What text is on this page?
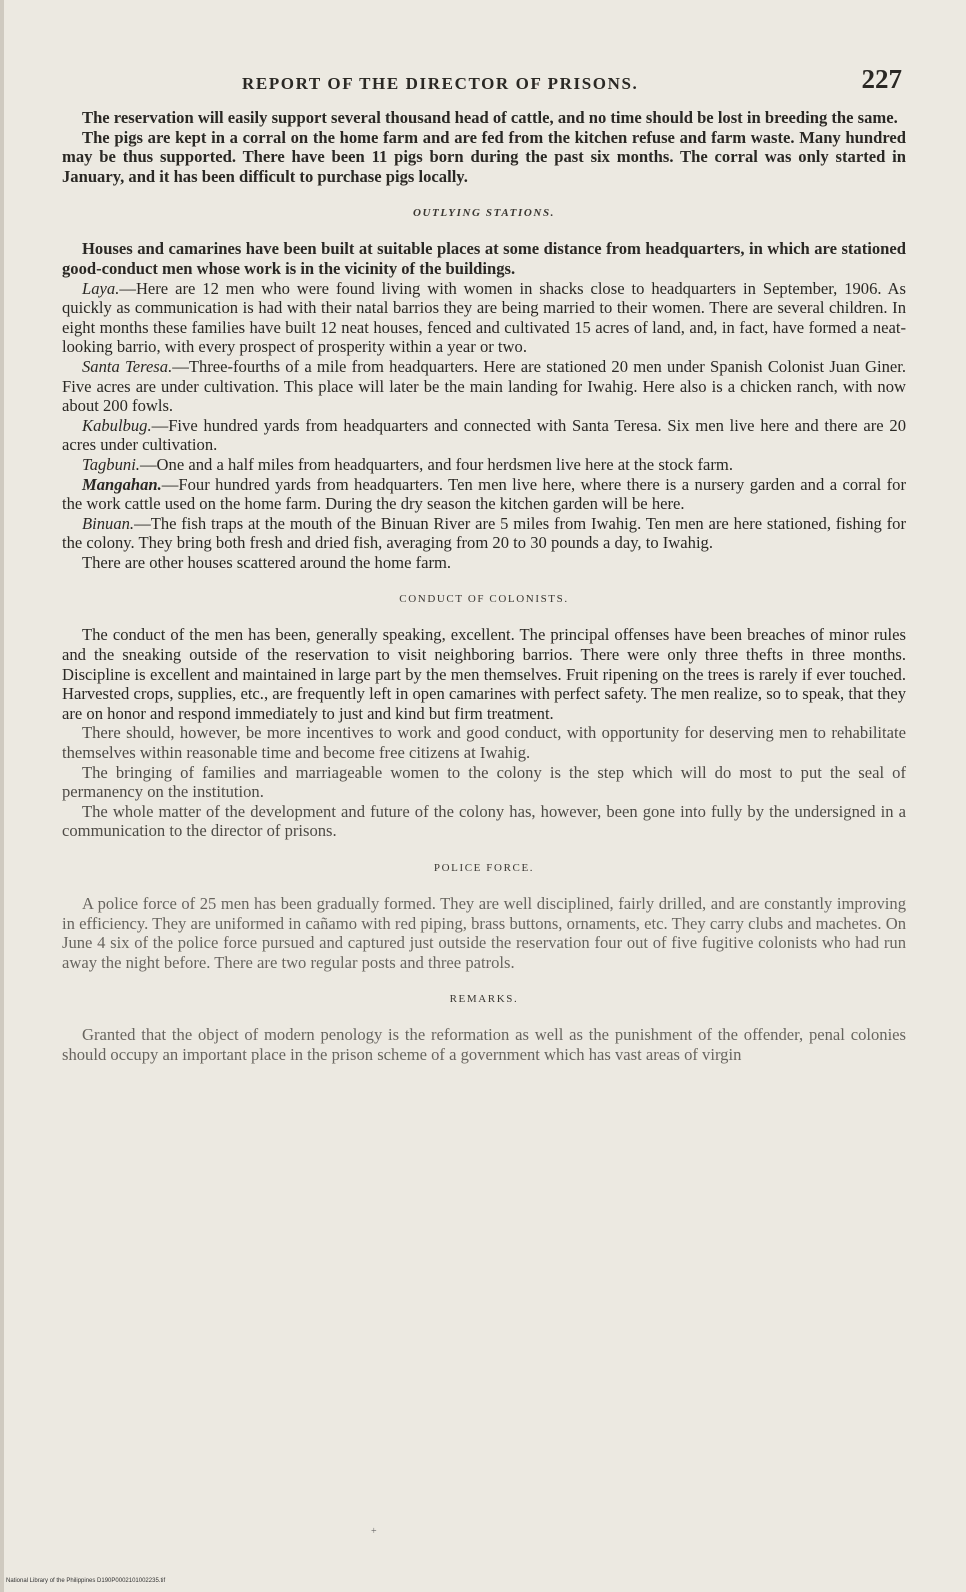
REPORT OF THE DIRECTOR OF PRISONS.	227

The reservation will easily support several thousand head of cattle, and no time should be lost in breeding the same.

The pigs are kept in a corral on the home farm and are fed from the kitchen refuse and farm waste. Many hundred may be thus supported. There have been 11 pigs born during the past six months. The corral was only started in January, and it has been difficult to purchase pigs locally.

OUTLYING STATIONS.

Houses and camarines have been built at suitable places at some distance from headquarters, in which are stationed good-conduct men whose work is in the vicinity of the buildings.

Laya.—Here are 12 men who were found living with women in shacks close to headquarters in September, 1906. As quickly as communication is had with their natal barrios they are being married to their women. There are several children. In eight months these families have built 12 neat houses, fenced and cultivated 15 acres of land, and, in fact, have formed a neat-looking barrio, with every prospect of prosperity within a year or two.

Santa Teresa.—Three-fourths of a mile from headquarters. Here are stationed 20 men under Spanish Colonist Juan Giner. Five acres are under cultivation. This place will later be the main landing for Iwahig. Here also is a chicken ranch, with now about 200 fowls.

Kabulbug.—Five hundred yards from headquarters and connected with Santa Teresa. Six men live here and there are 20 acres under cultivation.

Tagbuni.—One and a half miles from headquarters, and four herdsmen live here at the stock farm.

Mangahan.—Four hundred yards from headquarters. Ten men live here, where there is a nursery garden and a corral for the work cattle used on the home farm. During the dry season the kitchen garden will be here.

Binuan.—The fish traps at the mouth of the Binuan River are 5 miles from Iwahig. Ten men are here stationed, fishing for the colony. They bring both fresh and dried fish, averaging from 20 to 30 pounds a day, to Iwahig.

There are other houses scattered around the home farm.

CONDUCT OF COLONISTS.

The conduct of the men has been, generally speaking, excellent. The principal offenses have been breaches of minor rules and the sneaking outside of the reservation to visit neighboring barrios. There were only three thefts in three months. Discipline is excellent and maintained in large part by the men themselves. Fruit ripening on the trees is rarely if ever touched. Harvested crops, supplies, etc., are frequently left in open camarines with perfect safety. The men realize, so to speak, that they are on honor and respond immediately to just and kind but firm treatment.

There should, however, be more incentives to work and good conduct, with opportunity for deserving men to rehabilitate themselves within reasonable time and become free citizens at Iwahig.

The bringing of families and marriageable women to the colony is the step which will do most to put the seal of permanency on the institution.

The whole matter of the development and future of the colony has, however, been gone into fully by the undersigned in a communication to the director of prisons.

POLICE FORCE.

A police force of 25 men has been gradually formed. They are well disciplined, fairly drilled, and are constantly improving in efficiency. They are uniformed in cañamo with red piping, brass buttons, ornaments, etc. They carry clubs and machetes. On June 4 six of the police force pursued and captured just outside the reservation four out of five fugitive colonists who had run away the night before. There are two regular posts and three patrols.

REMARKS.

Granted that the object of modern penology is the reformation as well as the punishment of the offender, penal colonies should occupy an important place in the prison scheme of a government which has vast areas of virgin

+
National Library of the Philippines D190P0002101002235.tif
